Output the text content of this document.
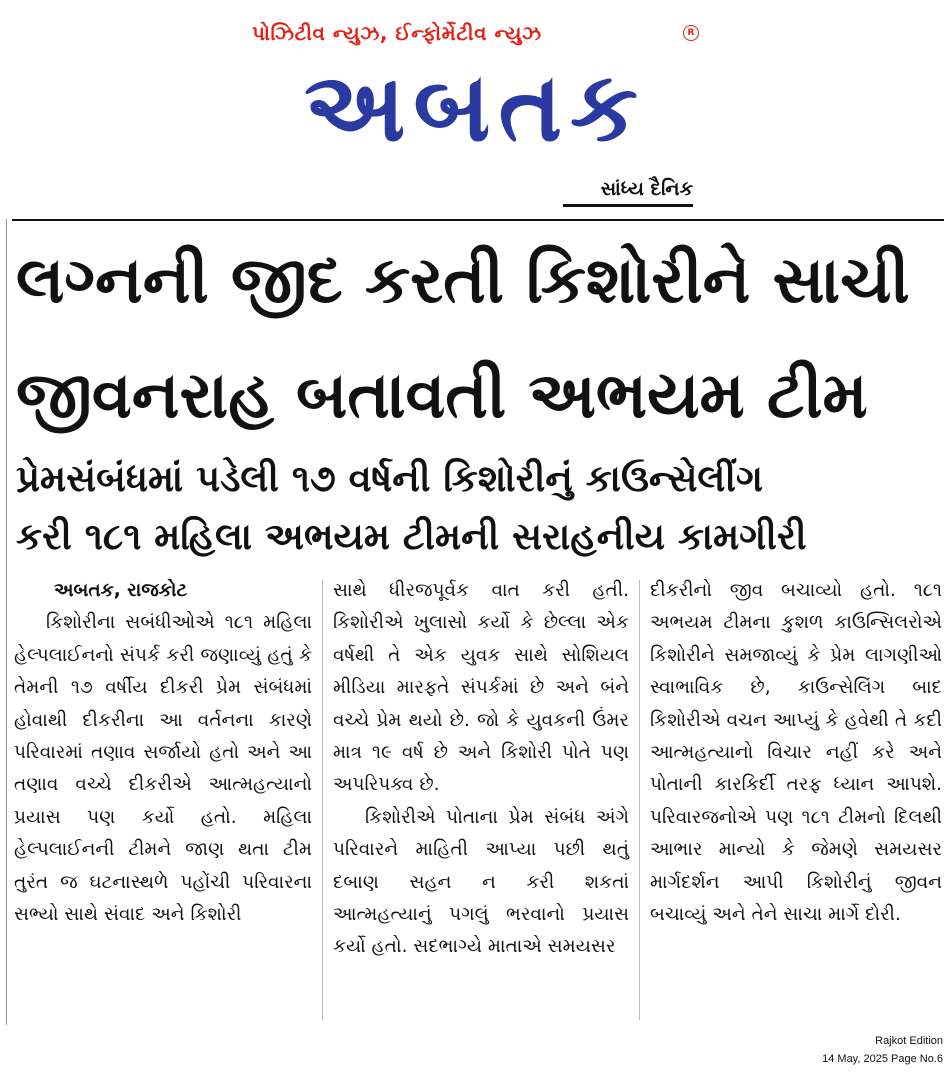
પોઝિટીવ ન્યુઝ, ઈન્ફોર્મેટીવ ન્યુઝ
અબતક
R
સાંધ્ય દૈનિક
લગ્નની જીદ કરતી કિશોરીને સાચી
જીવનરાહ બતાવતી અભયમ ટીમ
પ્રેમસંબંધમાં પડેલી ૧૭ વર્ષની કિશોરીનું કાઉન્સેલીંગ
કરી ૧૮૧ મહિલા અભયમ ટીમની સરાહનીય કામગીરી
અબતક, રાજકોટ

કિશોરીના સબંધીઓએ ૧૮૧ મહિલા હેલ્પલાઈનનો સંપર્ક કરી જણાવ્યું હતું કે તેમની ૧૭ વર્ષીય દીકરી પ્રેમ સંબંધમાં હોવાથી દીકરીના આ વર્તનના કારણે પરિવારમાં તણાવ સર્જાયો હતો અને આ તણાવ વચ્ચે દીકરીએ આત્મહત્યાનો પ્રયાસ પણ કર્યો હતો. મહિલા હેલ્પલાઈનની ટીમને જાણ થતા ટીમ તુરંત જ ઘટનાસ્થળે પહોંચી પરિવારના સભ્યો સાથે સંવાદ અને કિશોરી

સાથે ધીરજપૂર્વક વાત કરી હતી. કિશોરીએ ખુલાસો કર્યો કે છેલ્લા એક વર્ષથી તે એક યુવક સાથે સોશિયલ મીડિયા મારફતે સંપર્કમાં છે અને બંને વચ્ચે પ્રેમ થયો છે. જો કે યુવકની ઉંમર માત્ર ૧૯ વર્ષ છે અને કિશોરી પોતે પણ અપરિપક્વ છે.

કિશોરીએ પોતાના પ્રેમ સંબંધ અંગે પરિવારને માહિતી આપ્યા પછી થતું દબાણ સહન ન કરી શકતાં આત્મહત્યાનું પગલું ભરવાનો પ્રયાસ કર્યો હતો. સદભાગ્યે માતાએ સમયસર

દીકરીનો જીવ બચાવ્યો હતો. ૧૮૧ અભયમ ટીમના કુશળ કાઉન્સિલરોએ કિશોરીને સમજાવ્યું કે પ્રેમ લાગણીઓ સ્વાભાવિક છે, કાઉન્સેલિંગ બાદ કિશોરીએ વચન આપ્યું કે હવેથી તે કદી આત્મહત્યાનો વિચાર નહીં કરે અને પોતાની કારકિર્દી તરફ ધ્યાન આપશે. પરિવારજનોએ પણ ૧૮૧ ટીમનો દિલથી આભાર માન્યો કે જેમણે સમયસર માર્ગદર્શન આપી કિશોરીનું જીવન બચાવ્યું અને તેને સાચા માર્ગે દોરી.

Rajkot Edition
14 May, 2025 Page No.6
